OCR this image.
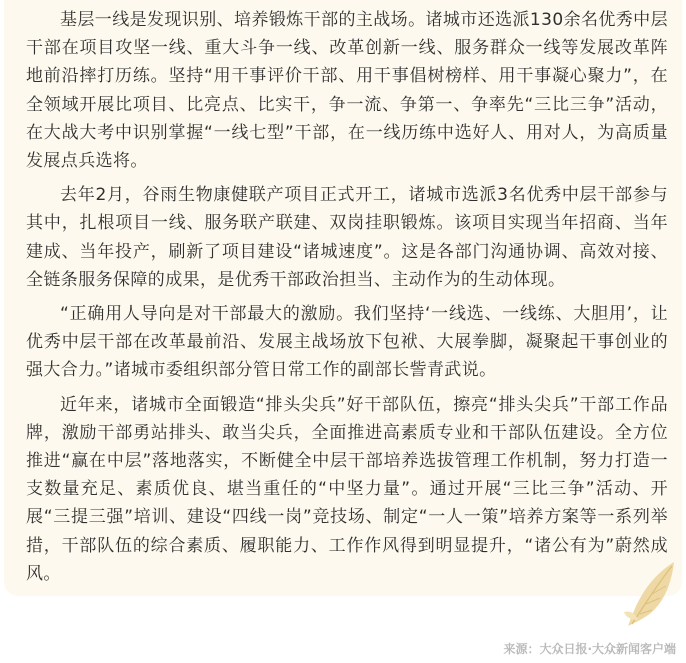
基层一线是发现识别、培养锻炼干部的主战场。诸城市还选派130余名优秀中层干部在项目攻坚一线、重大斗争一线、改革创新一线、服务群众一线等发展改革阵地前沿摔打历练。坚持“用干事评价干部、用干事倡树榜样、用干事凝心聚力”，在全领域开展比项目、比亮点、比实干，争一流、争第一、争率先“三比三争”活动，在大战大考中识别掌握“一线七型”干部，在一线历练中选好人、用对人，为高质量发展点兵选将。

去年2月，谷雨生物康健联产项目正式开工，诸城市选派3名优秀中层干部参与其中，扎根项目一线、服务联产联建、双岗挂职锻炼。该项目实现当年招商、当年建成、当年投产，刷新了项目建设“诸城速度”。这是各部门沟通协调、高效对接、全链条服务保障的成果，是优秀干部政治担当、主动作为的生动体现。

“正确用人导向是对干部最大的激励。我们坚持‘一线选、一线练、大胆用’，让优秀中层干部在改革最前沿、发展主战场放下包袱、大展拳脚，凝聚起干事创业的强大合力。”诸城市委组织部分管日常工作的副部长訾青武说。

近年来，诸城市全面锻造“排头尖兵”好干部队伍，擦亮“排头尖兵”干部工作品牌，激励干部勇站排头、敢当尖兵，全面推进高素质专业和干部队伍建设。全方位推进“赢在中层”落地落实，不断健全中层干部培养选拔管理工作机制，努力打造一支数量充足、素质优良、堪当重任的“中坚力量”。通过开展“三比三争”活动、开展“三提三强”培训、建设“四线一岗”竞技场、制定“一人一策”培养方案等一系列举措，干部队伍的综合素质、履职能力、工作作风得到明显提升，“诸公有为”蔚然成风。

来源：大众日报·大众新闻客户端
